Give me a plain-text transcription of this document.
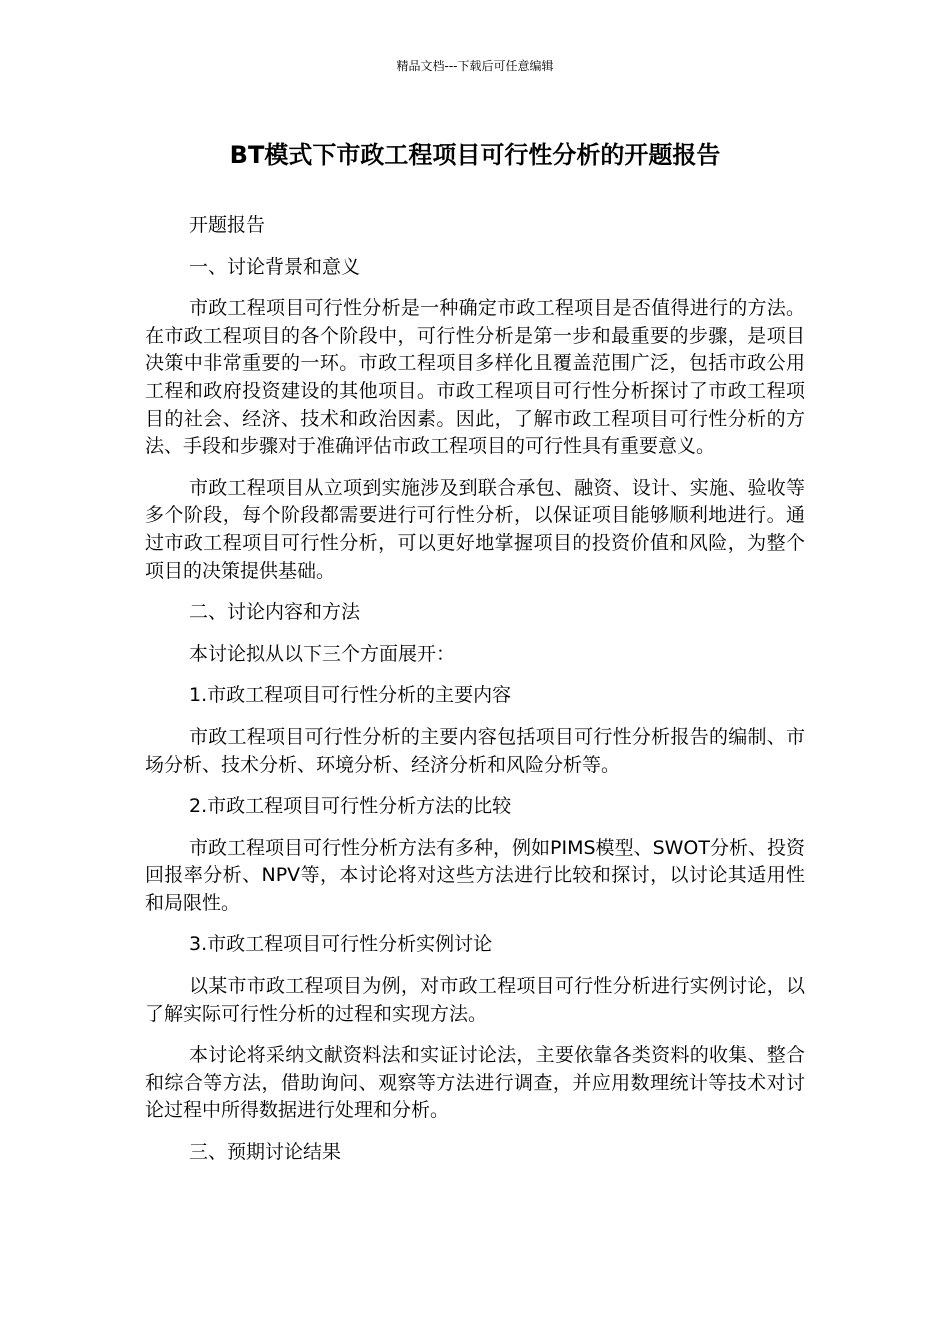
精品文档---下载后可任意编辑
BT模式下市政工程项目可行性分析的开题报告

开题报告

一、讨论背景和意义

市政工程项目可行性分析是一种确定市政工程项目是否值得进行的方法。在市政工程项目的各个阶段中，可行性分析是第一步和最重要的步骤，是项目决策中非常重要的一环。市政工程项目多样化且覆盖范围广泛，包括市政公用工程和政府投资建设的其他项目。市政工程项目可行性分析探讨了市政工程项目的社会、经济、技术和政治因素。因此，了解市政工程项目可行性分析的方法、手段和步骤对于准确评估市政工程项目的可行性具有重要意义。

市政工程项目从立项到实施涉及到联合承包、融资、设计、实施、验收等多个阶段，每个阶段都需要进行可行性分析，以保证项目能够顺利地进行。通过市政工程项目可行性分析，可以更好地掌握项目的投资价值和风险，为整个项目的决策提供基础。

二、讨论内容和方法

本讨论拟从以下三个方面展开：

1.市政工程项目可行性分析的主要内容

市政工程项目可行性分析的主要内容包括项目可行性分析报告的编制、市场分析、技术分析、环境分析、经济分析和风险分析等。

2.市政工程项目可行性分析方法的比较

市政工程项目可行性分析方法有多种，例如PIMS模型、SWOT分析、投资回报率分析、NPV等，本讨论将对这些方法进行比较和探讨，以讨论其适用性和局限性。

3.市政工程项目可行性分析实例讨论

以某市市政工程项目为例，对市政工程项目可行性分析进行实例讨论，以了解实际可行性分析的过程和实现方法。

本讨论将采纳文献资料法和实证讨论法，主要依靠各类资料的收集、整合和综合等方法，借助询问、观察等方法进行调查，并应用数理统计等技术对讨论过程中所得数据进行处理和分析。

三、预期讨论结果
